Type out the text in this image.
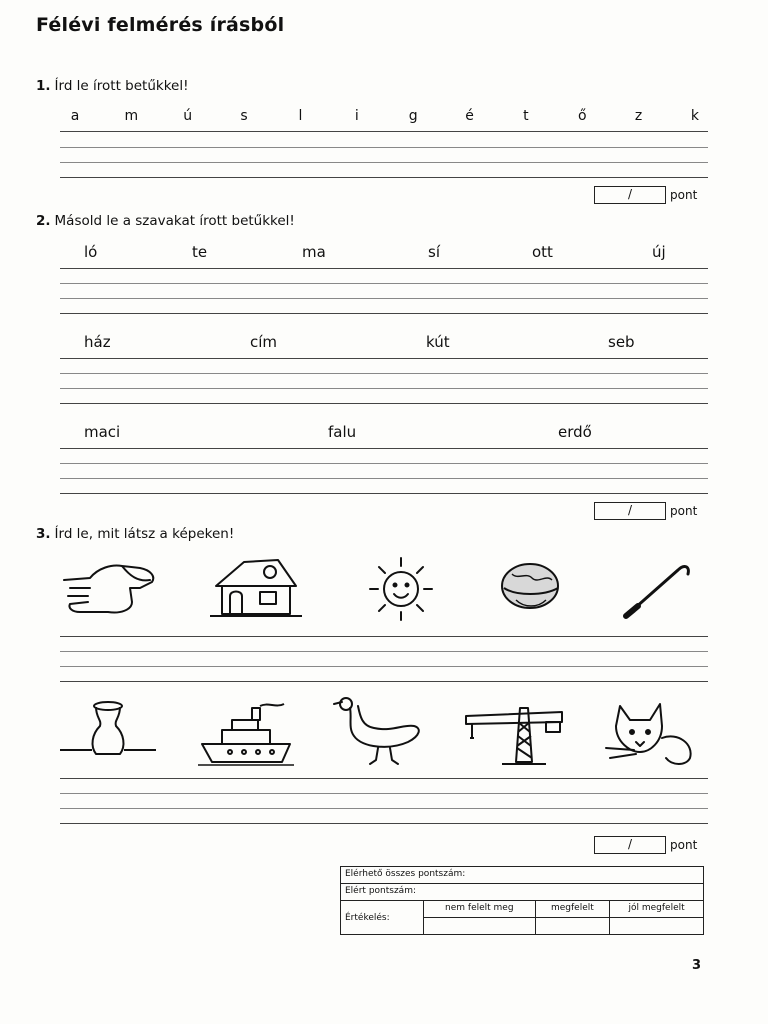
Félévi felmérés írásból
1. Írd le írott betűkkel!
a	m	ú	s	l	i	g	é	t	ő	z	k
/	pont
2. Másold le a szavakat írott betűkkel!
ló	te	ma	sí	ott	új
ház	cím	kút	seb
maci	falu	erdő
/	pont
3. Írd le, mit látsz a képeken!
/	pont
Elérhető összes pontszám:			
Elért pontszám:			
Értékelés:	nem felelt meg	megfelelt	jól megfelelt

3
